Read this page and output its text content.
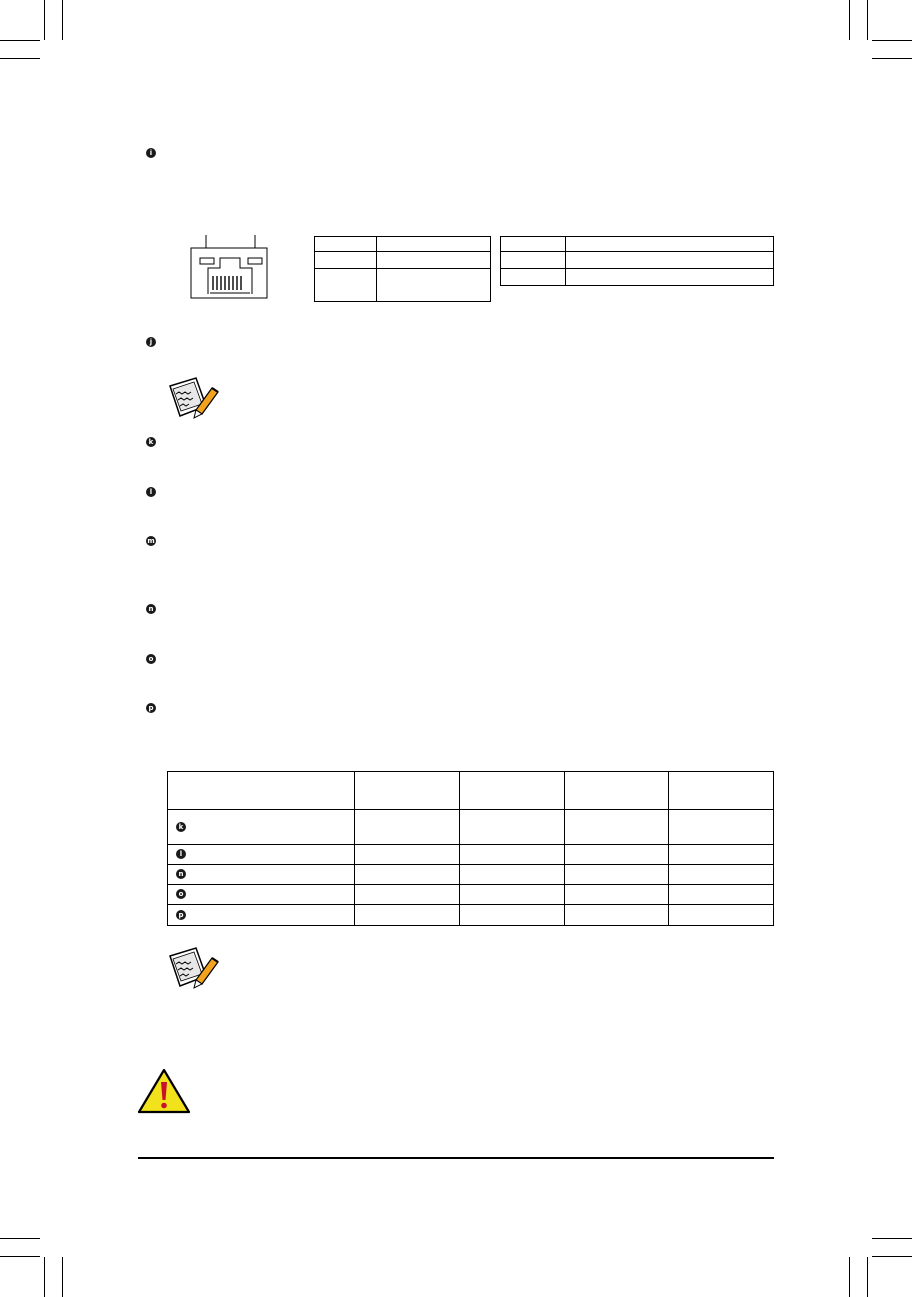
i

j
k
l
m
n
o
p

k				
l				
n				
o				
p				
